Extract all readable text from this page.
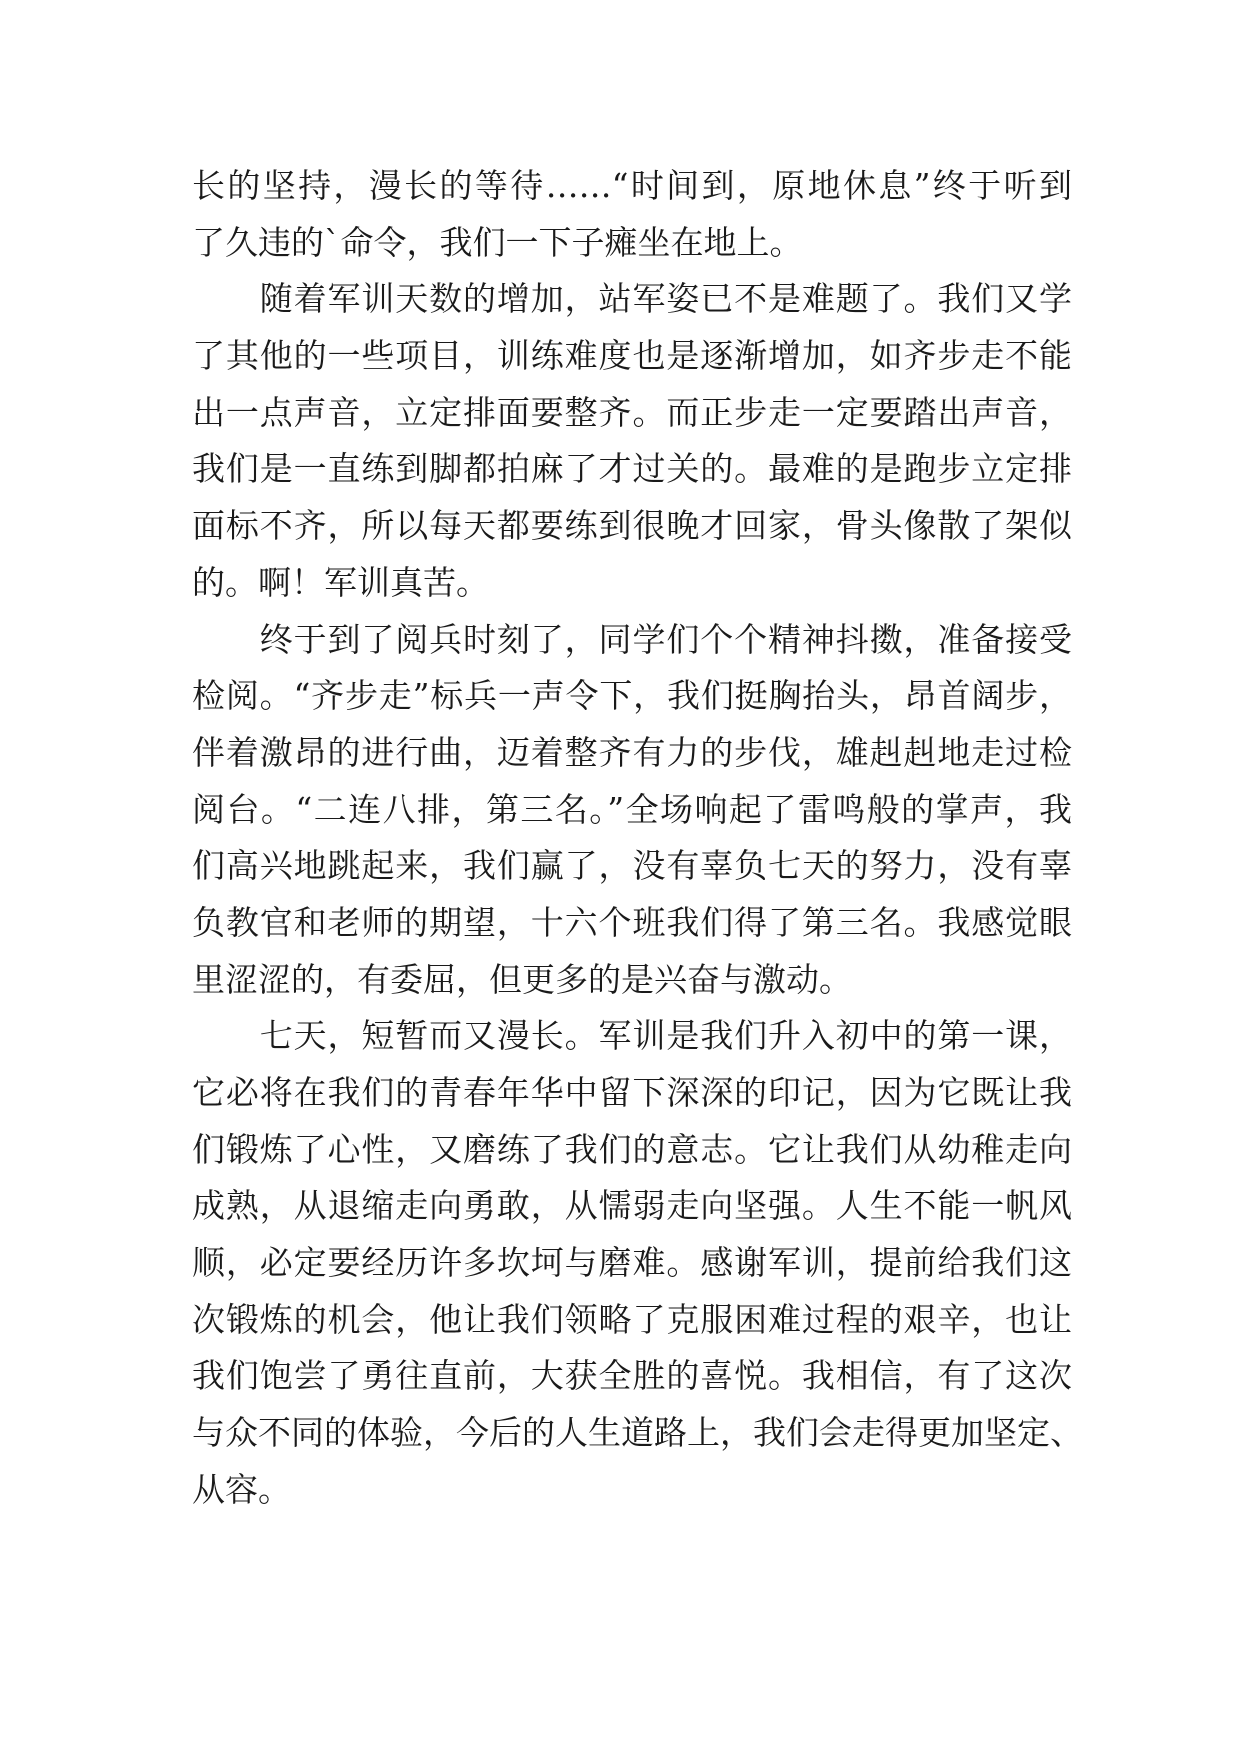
长的坚持，漫长的等待……“时间到，原地休息”终于听到
了久违的`命令，我们一下子瘫坐在地上。
　　随着军训天数的增加，站军姿已不是难题了。我们又学
了其他的一些项目，训练难度也是逐渐增加，如齐步走不能
出一点声音，立定排面要整齐。而正步走一定要踏出声音，
我们是一直练到脚都拍麻了才过关的。最难的是跑步立定排
面标不齐，所以每天都要练到很晚才回家，骨头像散了架似
的。啊！军训真苦。
　　终于到了阅兵时刻了，同学们个个精神抖擞，准备接受
检阅。“齐步走”标兵一声令下，我们挺胸抬头，昂首阔步，
伴着激昂的进行曲，迈着整齐有力的步伐，雄赳赳地走过检
阅台。“二连八排，第三名。”全场响起了雷鸣般的掌声，我
们高兴地跳起来，我们赢了，没有辜负七天的努力，没有辜
负教官和老师的期望，十六个班我们得了第三名。我感觉眼
里涩涩的，有委屈，但更多的是兴奋与激动。
　　七天，短暂而又漫长。军训是我们升入初中的第一课，
它必将在我们的青春年华中留下深深的印记，因为它既让我
们锻炼了心性，又磨练了我们的意志。它让我们从幼稚走向
成熟，从退缩走向勇敢，从懦弱走向坚强。人生不能一帆风
顺，必定要经历许多坎坷与磨难。感谢军训，提前给我们这
次锻炼的机会，他让我们领略了克服困难过程的艰辛，也让
我们饱尝了勇往直前，大获全胜的喜悦。我相信，有了这次
与众不同的体验，今后的人生道路上，我们会走得更加坚定、
从容。
